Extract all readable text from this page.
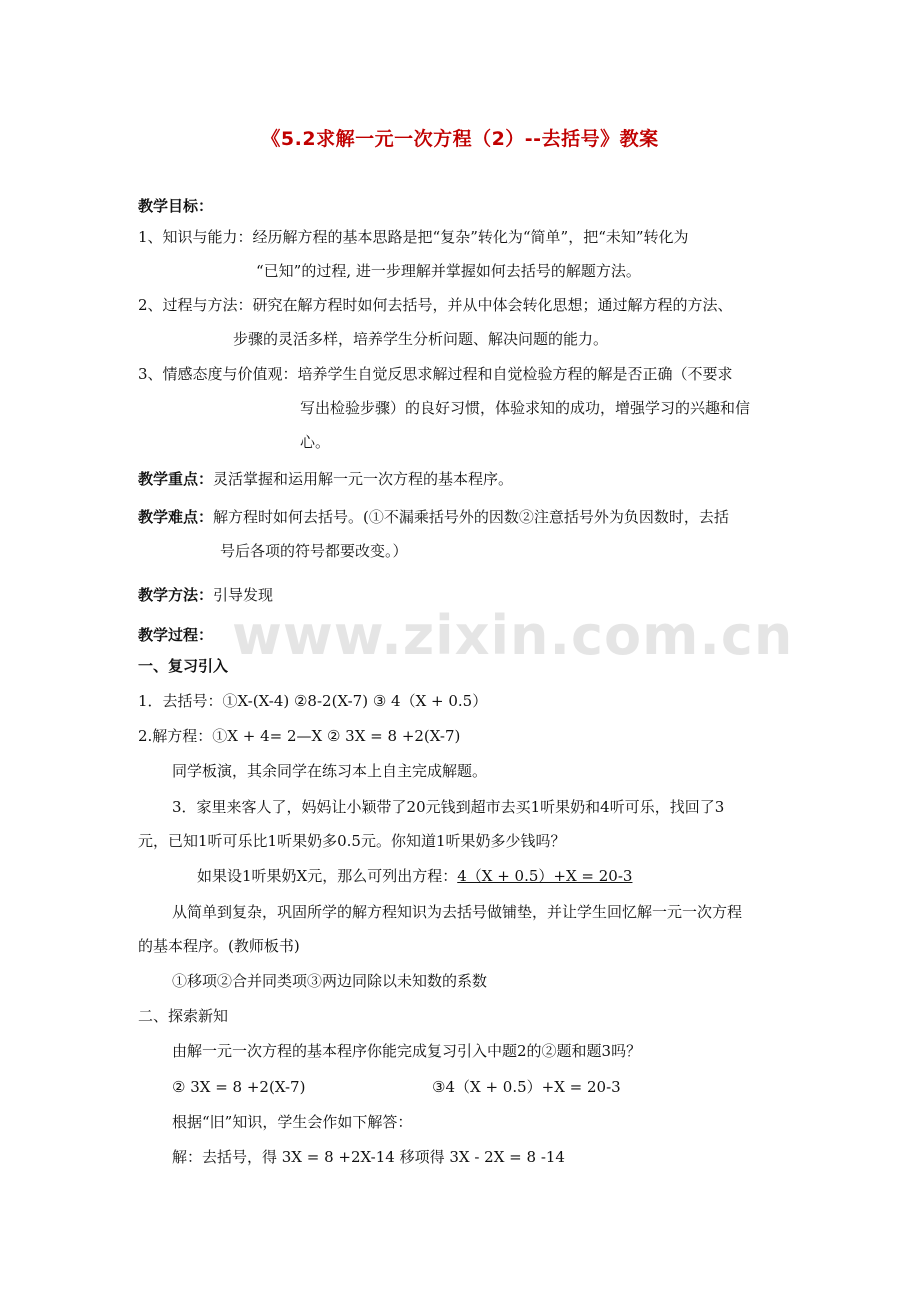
www.zixin.com.cn
《5.2求解一元一次方程（2）--去括号》教案
教学目标：
1、知识与能力：经历解方程的基本思路是把“复杂”转化为“简单”，把“未知”转化为
“已知”的过程, 进一步理解并掌握如何去括号的解题方法。
2、过程与方法：研究在解方程时如何去括号，并从中体会转化思想；通过解方程的方法、
步骤的灵活多样，培养学生分析问题、解决问题的能力。
3、情感态度与价值观：培养学生自觉反思求解过程和自觉检验方程的解是否正确（不要求
写出检验步骤）的良好习惯，体验求知的成功，增强学习的兴趣和信
心。
教学重点：灵活掌握和运用解一元一次方程的基本程序。
教学难点：解方程时如何去括号。(①不漏乘括号外的因数②注意括号外为负因数时，去括
号后各项的符号都要改变。）
教学方法：引导发现
教学过程：
一、复习引入
1．去括号：①X-(X-4) ②8-2(X-7) ③ 4（X + 0.5）
2.解方程：①X + 4= 2—X ② 3X = 8 +2(X-7)
同学板演，其余同学在练习本上自主完成解题。
3．家里来客人了，妈妈让小颖带了20元钱到超市去买1听果奶和4听可乐，找回了3
元，已知1听可乐比1听果奶多0.5元。你知道1听果奶多少钱吗？
如果设1听果奶X元，那么可列出方程：4（X + 0.5）+X = 20-3
从简单到复杂，巩固所学的解方程知识为去括号做铺垫，并让学生回忆解一元一次方程
的基本程序。(教师板书)
①移项②合并同类项③两边同除以未知数的系数
二、探索新知
由解一元一次方程的基本程序你能完成复习引入中题2的②题和题3吗？
② 3X = 8 +2(X-7)	③4（X + 0.5）+X = 20-3
根据“旧”知识，学生会作如下解答：
解：去括号，得 3X = 8 +2X-14 移项得 3X - 2X = 8 -14
